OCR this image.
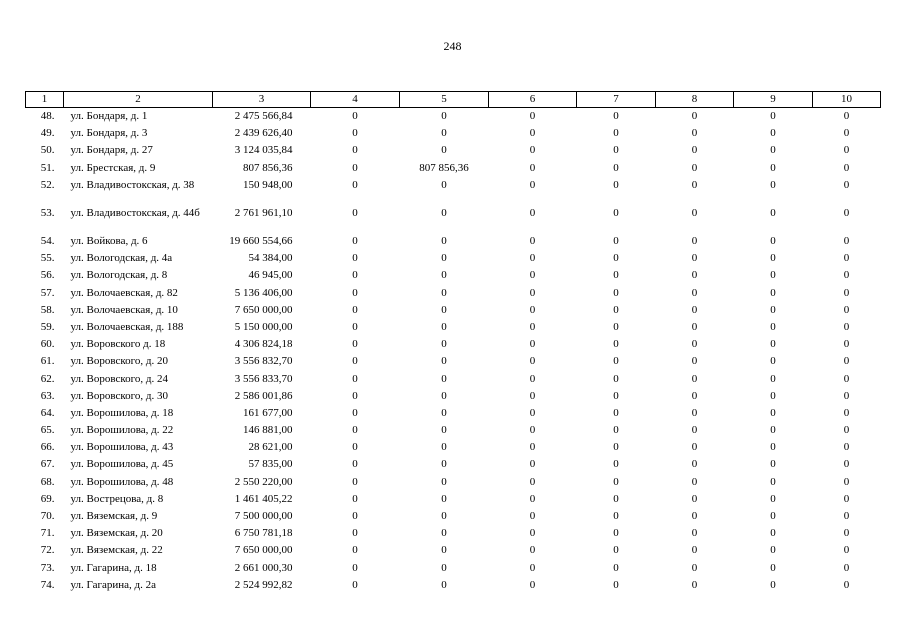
248
1	2	3	4	5	6	7	8	9	10
48.	ул. Бондаря, д. 1	2 475 566,84	0	0	0	0	0	0	0
49.	ул. Бондаря, д. 3	2 439 626,40	0	0	0	0	0	0	0
50.	ул. Бондаря, д. 27	3 124 035,84	0	0	0	0	0	0	0
51.	ул. Брестская, д. 9	807 856,36	0	807 856,36	0	0	0	0	0
52.	ул. Владивостокская, д. 38	150 948,00	0	0	0	0	0	0	0
53.	ул. Владивостокская, д. 44б	2 761 961,10	0	0	0	0	0	0	0
54.	ул. Войкова, д. 6	19 660 554,66	0	0	0	0	0	0	0
55.	ул. Вологодская, д. 4а	54 384,00	0	0	0	0	0	0	0
56.	ул. Вологодская, д. 8	46 945,00	0	0	0	0	0	0	0
57.	ул. Волочаевская, д. 82	5 136 406,00	0	0	0	0	0	0	0
58.	ул. Волочаевская, д. 10	7 650 000,00	0	0	0	0	0	0	0
59.	ул. Волочаевская, д. 188	5 150 000,00	0	0	0	0	0	0	0
60.	ул. Воровского д. 18	4 306 824,18	0	0	0	0	0	0	0
61.	ул. Воровского, д. 20	3 556 832,70	0	0	0	0	0	0	0
62.	ул. Воровского, д. 24	3 556 833,70	0	0	0	0	0	0	0
63.	ул. Воровского, д. 30	2 586 001,86	0	0	0	0	0	0	0
64.	ул. Ворошилова, д. 18	161 677,00	0	0	0	0	0	0	0
65.	ул. Ворошилова, д. 22	146 881,00	0	0	0	0	0	0	0
66.	ул. Ворошилова, д. 43	28 621,00	0	0	0	0	0	0	0
67.	ул. Ворошилова, д. 45	57 835,00	0	0	0	0	0	0	0
68.	ул. Ворошилова, д. 48	2 550 220,00	0	0	0	0	0	0	0
69.	ул. Вострецова, д. 8	1 461 405,22	0	0	0	0	0	0	0
70.	ул. Вяземская, д. 9	7 500 000,00	0	0	0	0	0	0	0
71.	ул. Вяземская, д. 20	6 750 781,18	0	0	0	0	0	0	0
72.	ул. Вяземская, д. 22	7 650 000,00	0	0	0	0	0	0	0
73.	ул. Гагарина, д. 18	2 661 000,30	0	0	0	0	0	0	0
74.	ул. Гагарина, д. 2а	2 524 992,82	0	0	0	0	0	0	0
